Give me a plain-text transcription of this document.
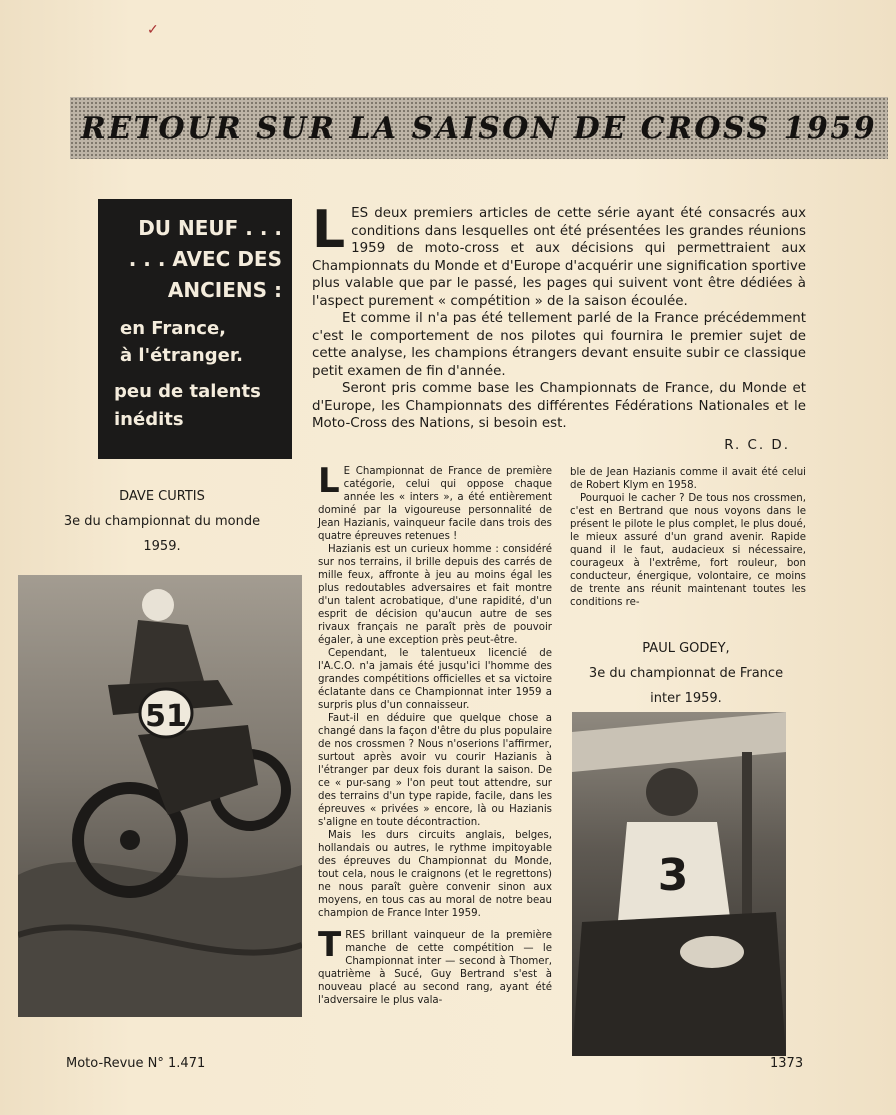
✓
RETOUR SUR LA SAISON DE CROSS 1959
DU NEUF . . .
. . . AVEC DES
ANCIENS :
en France,
à l'étranger.
peu de talents
inédits

LES deux premiers articles de cette série ayant été consacrés aux conditions dans lesquelles ont été présentées les grandes réunions 1959 de moto-cross et aux décisions qui permettraient aux Championnats du Monde et d'Europe d'acquérir une signification sportive plus valable que par le passé, les pages qui suivent vont être dédiées à l'aspect purement « compétition » de la saison écoulée.

Et comme il n'a pas été tellement parlé de la France précédemment c'est le comportement de nos pilotes qui fournira le premier sujet de cette analyse, les champions étrangers devant ensuite subir ce classique petit examen de fin d'année.

Seront pris comme base les Championnats de France, du Monde et d'Europe, les Championnats des différentes Fédérations Nationales et le Moto-Cross des Nations, si besoin est.

R. C. D.
DAVE CURTIS
3e du championnat du monde
1959.
51

L E Championnat de France de première catégorie, celui qui oppose chaque année les « inters », a été entièrement dominé par la vigoureuse personnalité de Jean Hazianis, vainqueur facile dans trois des quatre épreuves retenues !

Hazianis est un curieux homme : considéré sur nos terrains, il brille depuis des carrés de mille feux, affronte à jeu au moins égal les plus redoutables adversaires et fait montre d'un talent acrobatique, d'une rapidité, d'un esprit de décision qu'aucun autre de ses rivaux français ne paraît près de pouvoir égaler, à une exception près peut-être.

Cependant, le talentueux licencié de l'A.C.O. n'a jamais été jusqu'ici l'homme des grandes compétitions officielles et sa victoire éclatante dans ce Championnat inter 1959 a surpris plus d'un connaisseur.

Faut-il en déduire que quelque chose a changé dans la façon d'être du plus populaire de nos crossmen ? Nous n'oserions l'affirmer, surtout après avoir vu courir Hazianis à l'étranger par deux fois durant la saison. De ce « pur-sang » l'on peut tout attendre, sur des terrains d'un type rapide, facile, dans les épreuves « privées » encore, là ou Hazianis s'aligne en toute décontraction.

Mais les durs circuits anglais, belges, hollandais ou autres, le rythme impitoyable des épreuves du Championnat du Monde, tout cela, nous le craignons (et le regrettons) ne nous paraît guère convenir sinon aux moyens, en tous cas au moral de notre beau champion de France Inter 1959.

TRES brillant vainqueur de la première manche de cette compétition — le Championnat inter — second à Thomer, quatrième à Sucé, Guy Bertrand s'est à nouveau placé au second rang, ayant été l'adversaire le plus vala-

ble de Jean Hazianis comme il avait été celui de Robert Klym en 1958.

Pourquoi le cacher ? De tous nos crossmen, c'est en Bertrand que nous voyons dans le présent le pilote le plus complet, le plus doué, le mieux assuré d'un grand avenir. Rapide quand il le faut, audacieux si nécessaire, courageux à l'extrême, fort rouleur, bon conducteur, énergique, volontaire, ce moins de trente ans réunit maintenant toutes les conditions re-

PAUL GODEY,
3e du championnat de France
inter 1959.
3
Moto-Revue N° 1.471	1373
